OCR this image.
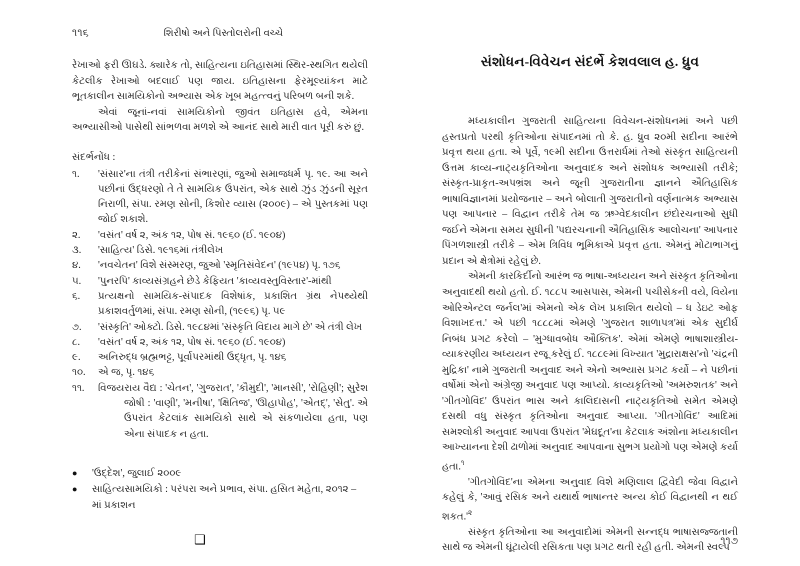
૧૧૬	શિરીષો અને પિસ્તોલરોની વચ્ચે

રેખાઓ ફરી ઊઘડે. ક્યારેક તો, સાહિત્યના ઇતિહાસમાં સ્થિર-સ્થગિત થયેલી કેટલીક રેખાઓ બદલાઈ પણ જાય. ઇતિહાસના ફેરમૂલ્યાંકન માટે ભૂતકાલીન સામયિકોનો અભ્યાસ એક ખૂબ મહત્ત્વનું પરિબળ બની શકે.

એવાં જૂનાં-નવાં સામયિકોનો જીવંત ઇતિહાસ હવે, એમના અભ્યાસીઓ પાસેથી સાંભળવા મળશે એ આનંદ સાથે મારી વાત પૂરી કરું છું.

સંદર્ભનોંધ :
૧.	'સંસાર'ના તંત્રી તરીકેનાં સંભારણાં, જુઓ સમાજધર્મ પૃ. ૧૯. આ અને પછીનાં ઉદ્ધરણો તે તે સામયિક ઉપરાંત, એક સાથે ઝુંડ ઝુંડની સૂરત નિરાળી, સંપા. રમણ સોની, કિશોર વ્યાસ (૨૦૦૯) – એ પુસ્તકમાં પણ જોઈ શકાશે.
૨.	'વસંત' વર્ષ ૨, અંક ૧૨, પોષ સં. ૧૯૬૦ (ઈ. ૧૯૦૪)
૩.	'સાહિત્ય' ડિસે. ૧૯૧૬માં તંત્રીલેખ
૪.	'નવચેતન' વિશે સંસ્મરણ, જુઓ 'સ્મૃતિસંવેદન' (૧૯૫૪) પૃ. ૧૭૬
૫.	'પુનરપિ' કાવ્યસંગ્રહને છેડે કેફિયત 'કાવ્યવસ્તુવિસ્તાર'-માંથી
૬.	પ્રત્યક્ષનો સામયિક-સંપાદક વિશેષાંક, પ્રકાશિત ગ્રંથ નેપથ્યેથી પ્રકાશવર્તુળમાં, સંપા. રમણ સોની, (૧૯૯૬) પૃ. ૫૯
૭.	'સંસ્કૃતિ' ઓક્ટો. ડિસે. ૧૯૮૪માં 'સંસ્કૃતિ વિદાય માગે છે' એ તંત્રી લેખ
૮.	'વસંત' વર્ષ ૨, અંક ૧૨, પોષ સં. ૧૯૬૦ (ઈ. ૧૯૦૪)
૯.	અનિરુદ્ધ બ્રહ્મભટ્ટ, પૂર્વાપરમાંથી ઉદ્ધૃત, પૃ. ૧૪૬
૧૦.	એ જ, પૃ. ૧૪૬
૧૧.	વિજયરાય વૈદ્ય : 'ચેતન', 'ગુજરાત', 'કૌમુદી', 'માનસી', 'રોહિણી'; સુરેશ જોષી : 'વાણી', 'મનીષા', 'ક્ષિતિજ', 'ઊહાપોહ', 'એતદ્', 'સેતુ'. એ ઉપરાંત કેટલાંક સામયિકો સાથે એ સંકળાયેલા હતા, પણ એના સંપાદક ન હતા.
●	'ઉદ્દેશ', જુલાઈ ૨૦૦૯
●	સાહિત્યસામયિકો : પરંપરા અને પ્રભાવ, સંપા. હસિત મહેતા, ૨૦૧૨ – માં પ્રકાશન
❑
સંશોધન-વિવેચન સંદર્ભે કેશવલાલ હ. ધ્રુવ

મધ્યકાલીન ગુજરાતી સાહિત્યના વિવેચન-સંશોધનમાં અને પછી હસ્તપ્રતો પરથી કૃતિઓના સંપાદનમાં તો કે. હ. ધ્રુવ ૨૦મી સદીના આરંભે પ્રવૃત્ત થયા હતા. એ પૂર્વે, ૧૯મી સદીના ઉત્તરાર્ધમાં તેઓ સંસ્કૃત સાહિત્યની ઉત્તમ કાવ્ય-નાટ્યકૃતિઓના અનુવાદક અને સંશોધક અભ્યાસી તરીકે; સંસ્કૃત-પ્રાકૃત-અપભ્રંશ અને જૂની ગુજરાતીના જ્ઞાનને ઐતિહાસિક ભાષાવિજ્ઞાનમાં પ્રયોજનાર – અને બોલાતી ગુજરાતીનો વર્ણનાત્મક અભ્યાસ પણ આપનાર – વિદ્વાન તરીકે તેમ જ ઋગ્વેદકાલીન છંદોરચનાઓ સુધી જઈને એમના સમય સુધીની 'પદ્યરચનાની ઐતિહાસિક આલોચના' આપનાર પિંગળશાસ્ત્રી તરીકે – એમ ત્રિવિધ ભૂમિકાએ પ્રવૃત્ત હતા. એમનું મોટાભાગનું પ્રદાન એ ક્ષેત્રોમાં રહેલું છે.

એમની કારકિર્દીનો આરંભ જ ભાષા-અધ્યયન અને સંસ્કૃત કૃતિઓના અનુવાદથી થયો હતો. ઈ. ૧૮૮૫ આસપાસ, એમની પચીસેકની વયે, વિયેના ઓરિએન્ટલ જર્નલ'માં એમનો એક લેખ પ્રકાશિત થયેલો – ધ ડેઇટ ઓફ વિશાખદત્ત.' એ પછી ૧૮૮૮માં એમણે 'ગુજરાત શાળાપત્ર'માં એક સુદીર્ઘ નિબંધ પ્રગટ કરેલો – 'મુગ્ધાવબોધ ઔક્તિક'. એમાં એમણે ભાષાશાસ્ત્રીય-વ્યાકરણીય અધ્યયન રજૂ કરેલું ઈ. ૧૮૮૯માં વિખ્યાત 'મુદ્રારાક્ષસ'નો 'ચંદ્રની મુદ્રિકા' નામે ગુજરાતી અનુવાદ અને એનો અભ્યાસ પ્રગટ કર્યો – ને પછીનાં વર્ષોમાં એનો અંગ્રેજી અનુવાદ પણ આપ્યો. કાવ્યકૃતિઓ 'અમરુશતક' અને 'ગીતગોવિંદ' ઉપરાંત ભાસ અને કાલિદાસની નાટ્યકૃતિઓ સમેત એમણે દસથી વધુ સંસ્કૃત કૃતિઓના અનુવાદ આપ્યા. 'ગીતગોવિંદ' આદિમાં સમશ્લોકી અનુવાદ આપવા ઉપરાંત 'મેઘદૂત'ના કેટલાક અંશોના મધ્યકાલીન આખ્યાનના દેશી ઢાળોમાં અનુવાદ આપવાના સુભગ પ્રયોગો પણ એમણે કર્યા હતા.$^૧$

'ગીતગોવિંદ'ના એમના અનુવાદ વિશે મણિલાલ દ્વિવેદી જેવા વિદ્વાને કહેલું કે, 'આવું રસિક અને યથાર્થ ભાષાન્તર અન્ય કોઈ વિદ્વાનથી ન થઈ $શકત.'^૨$

સંસ્કૃત કૃતિઓના આ અનુવાદોમાં એમની સન્નદ્ધ ભાષાસજ્જતાની સાથે જ એમની ઘૂંટાયેલી રસિકતા પણ પ્રગટ થતી રહી હતી. એમની સ્વલ્પ

૧૧૭
